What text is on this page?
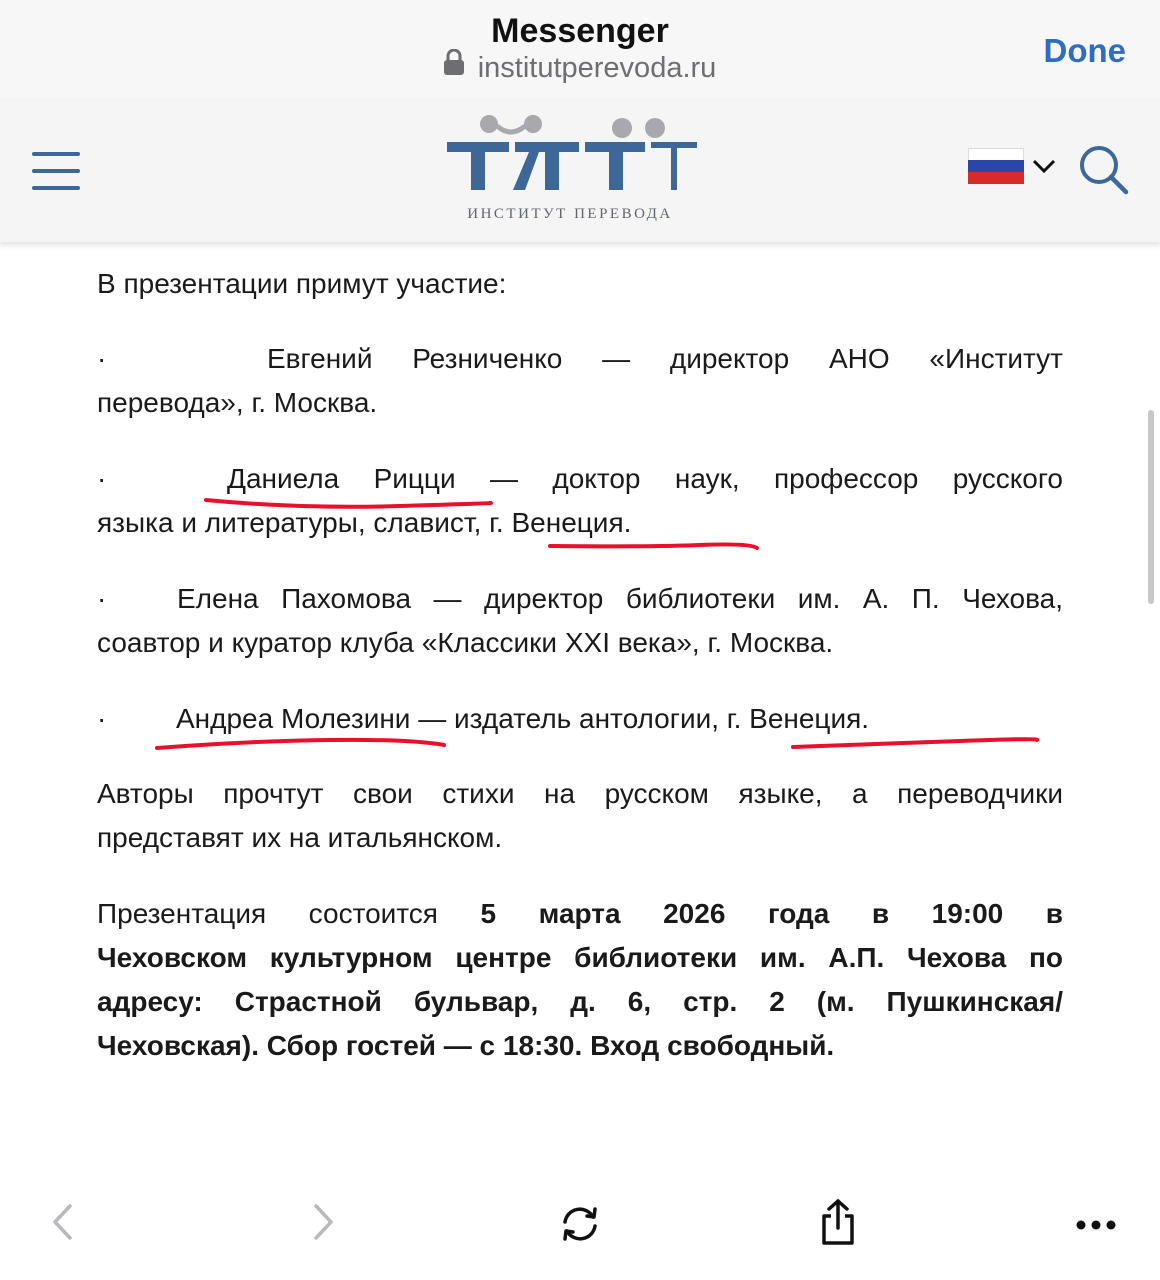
Messenger
institutperevoda.ru	Done
ИНСТИТУТ ПЕРЕВОДА
В презентации примут участие:
·	Евгений Резниченко — директор АНО «Институт
перевода», г. Москва.
·	Даниела Рицци — доктор наук, профессор русского
языка и литературы, славист, г. Венеция.
·	Елена Пахомова — директор библиотеки им. А. П. Чехова,
соавтор и куратор клуба «Классики XXI века», г. Москва.
· Андреа Молезини — издатель антологии, г. Венеция.
Авторы прочтут свои стихи на русском языке, а переводчики
представят их на итальянском.
Презентация состоится 5 марта 2026 года в 19:00 в
Чеховском культурном центре библиотеки им. А.П. Чехова по
адресу: Страстной бульвар, д. 6, стр. 2 (м. Пушкинская/
Чеховская). Сбор гостей — с 18:30. Вход свободный.
